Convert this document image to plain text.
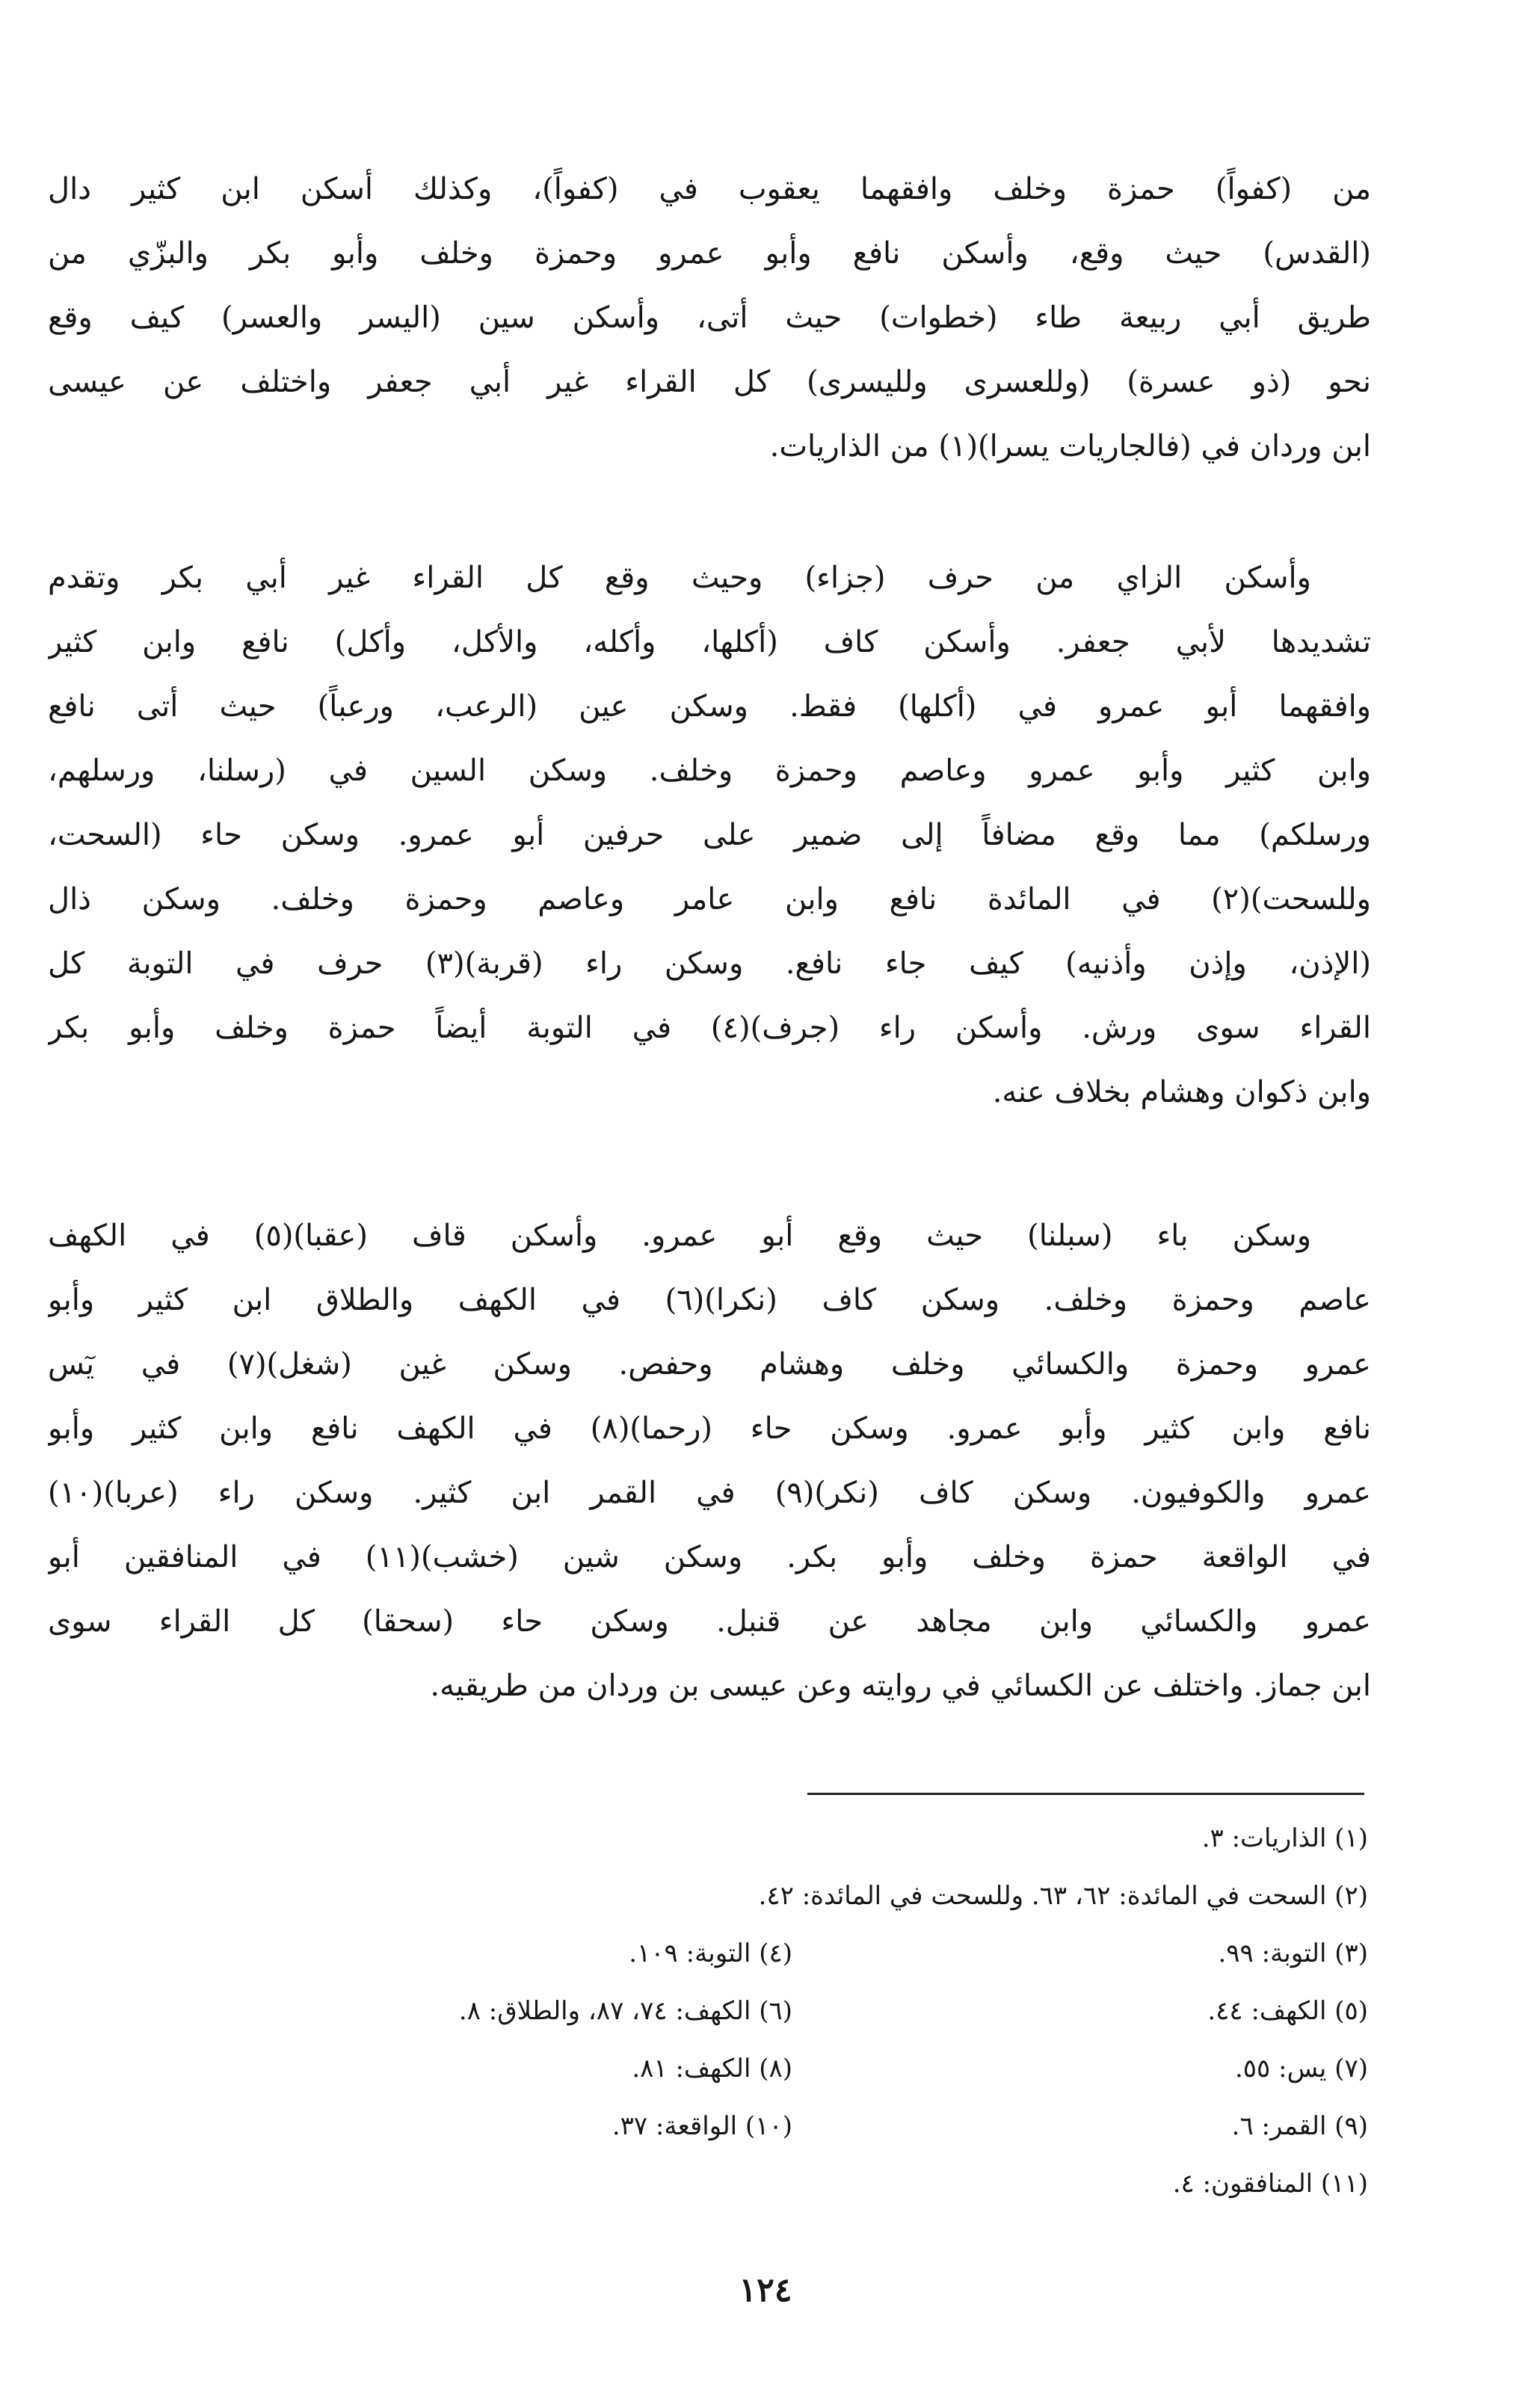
من (كفواً) حمزة وخلف وافقهما يعقوب في (كفواً)، وكذلك أسكن ابن كثير دال
(القدس) حيث وقع، وأسكن نافع وأبو عمرو وحمزة وخلف وأبو بكر والبزّي من
طريق أبي ربيعة طاء (خطوات) حيث أتى، وأسكن سين (اليسر والعسر) كيف وقع
نحو (ذو عسرة) (وللعسرى ولليسرى) كل القراء غير أبي جعفر واختلف عن عيسى
ابن وردان في (فالجاريات يسرا)(١) من الذاريات.
وأسكن الزاي من حرف (جزاء) وحيث وقع كل القراء غير أبي بكر وتقدم
تشديدها لأبي جعفر. وأسكن كاف (أكلها، وأكله، والأكل، وأكل) نافع وابن كثير
وافقهما أبو عمرو في (أكلها) فقط. وسكن عين (الرعب، ورعباً) حيث أتى نافع
وابن كثير وأبو عمرو وعاصم وحمزة وخلف. وسكن السين في (رسلنا، ورسلهم،
ورسلكم) مما وقع مضافاً إلى ضمير على حرفين أبو عمرو. وسكن حاء (السحت،
وللسحت)(٢) في المائدة نافع وابن عامر وعاصم وحمزة وخلف. وسكن ذال
(الإذن، وإذن وأذنيه) كيف جاء نافع. وسكن راء (قربة)(٣) حرف في التوبة كل
القراء سوى ورش. وأسكن راء (جرف)(٤) في التوبة أيضاً حمزة وخلف وأبو بكر
وابن ذكوان وهشام بخلاف عنه.
وسكن باء (سبلنا) حيث وقع أبو عمرو. وأسكن قاف (عقبا)(٥) في الكهف
عاصم وحمزة وخلف. وسكن كاف (نكرا)(٦) في الكهف والطلاق ابن كثير وأبو
عمرو وحمزة والكسائي وخلف وهشام وحفص. وسكن غين (شغل)(٧) في يٓس
نافع وابن كثير وأبو عمرو. وسكن حاء (رحما)(٨) في الكهف نافع وابن كثير وأبو
عمرو والكوفيون. وسكن كاف (نكر)(٩) في القمر ابن كثير. وسكن راء (عربا)(١٠)
في الواقعة حمزة وخلف وأبو بكر. وسكن شين (خشب)(١١) في المنافقين أبو
عمرو والكسائي وابن مجاهد عن قنبل. وسكن حاء (سحقا) كل القراء سوى
ابن جماز. واختلف عن الكسائي في روايته وعن عيسى بن وردان من طريقيه.
(١) الذاريات: ٣.
(٢) السحت في المائدة: ٦٢، ٦٣. وللسحت في المائدة: ٤٢.
(٣) التوبة: ٩٩.
(٤) التوبة: ١٠٩.
(٥) الكهف: ٤٤.
(٦) الكهف: ٧٤، ٨٧، والطلاق: ٨.
(٧) يس: ٥٥.
(٨) الكهف: ٨١.
(٩) القمر: ٦.
(١٠) الواقعة: ٣٧.
(١١) المنافقون: ٤.
١٢٤
